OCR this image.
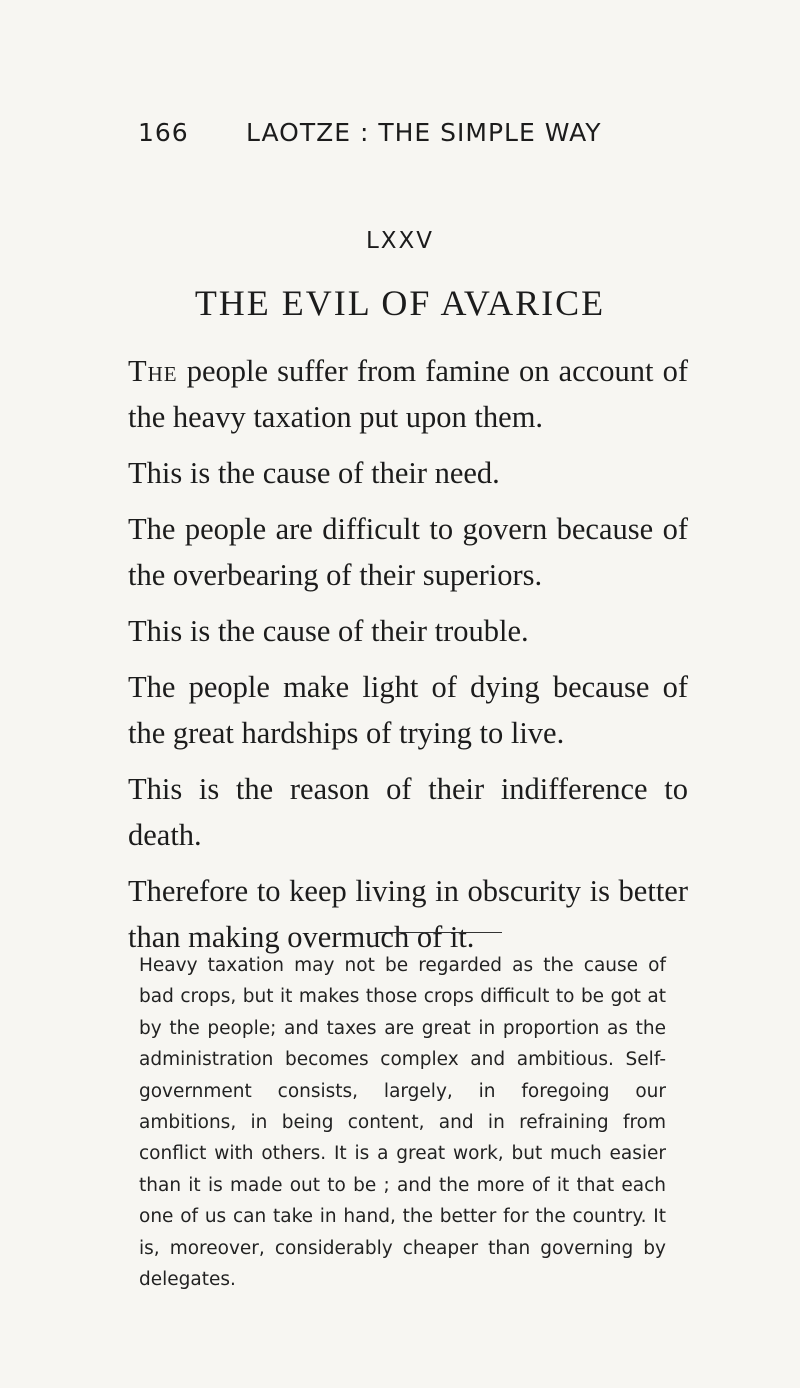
166 LAOTZE : THE SIMPLE WAY
LXXV
THE EVIL OF AVARICE

The people suffer from famine on account of the heavy taxation put upon them.

This is the cause of their need.

The people are difficult to govern because of the overbearing of their superiors.

This is the cause of their trouble.

The people make light of dying because of the great hardships of trying to live.

This is the reason of their indifference to death.

Therefore to keep living in obscurity is better than making overmuch of it.

Heavy taxation may not be regarded as the cause of bad crops, but it makes those crops difficult to be got at by the people; and taxes are great in proportion as the administration becomes complex and ambitious. Self-government consists, largely, in foregoing our ambitions, in being content, and in refraining from conflict with others. It is a great work, but much easier than it is made out to be ; and the more of it that each one of us can take in hand, the better for the country. It is, moreover, considerably cheaper than governing by delegates.
